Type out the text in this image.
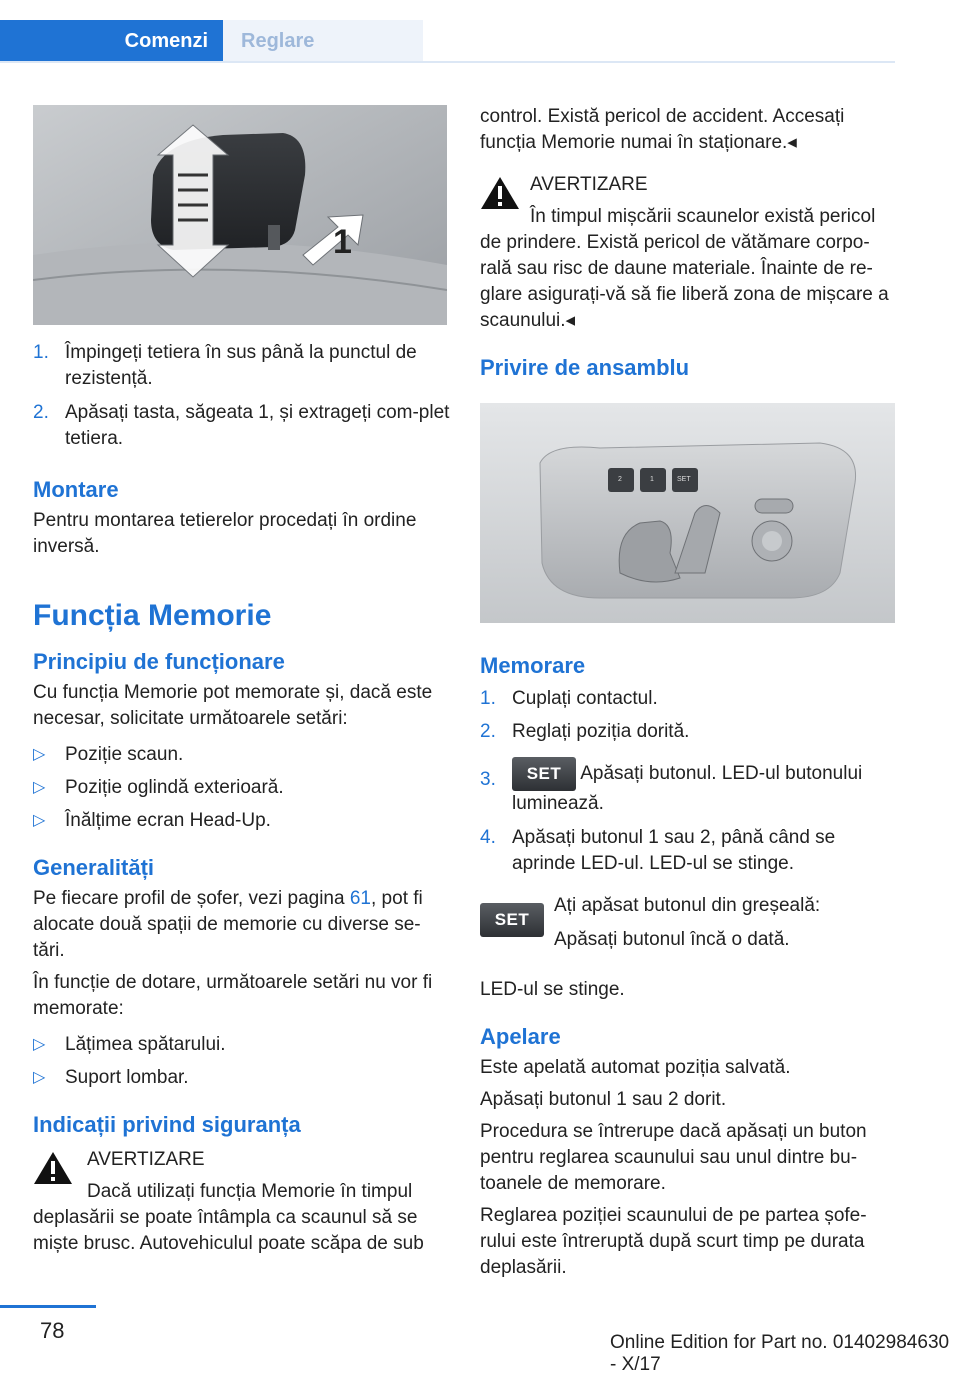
Comenzi	Reglare
1
1. Împingeți tetiera în sus până la punctul de rezistență.
2. Apăsați tasta, săgeata 1, și extrageți com‐plet tetiera.
Montare

Pentru montarea tetierelor procedați în ordine inversă.

Funcția Memorie
Principiu de funcționare

Cu funcția Memorie pot memorate și, dacă este necesar, solicitate următoarele setări:

▷ Poziție scaun.
▷ Poziție oglindă exterioară.
▷ Înălțime ecran Head-Up.
Generalități

Pe fiecare profil de șofer, vezi pagina 61, pot fi alocate două spații de memorie cu diverse se‐tări.

În funcție de dotare, următoarele setări nu vor fi memorate:

▷ Lățimea spătarului.
▷ Suport lombar.
Indicații privind siguranța
AVERTIZARE
Dacă utilizați funcția Memorie în timpul deplasării se poate întâmpla ca scaunul să se miște brusc. Autovehiculul poate scăpa de sub

control. Există pericol de accident. Accesați funcția Memorie numai în staționare.◂

AVERTIZARE
În timpul mișcării scaunelor există pericol de prindere. Există pericol de vătămare corpo‐rală sau risc de daune materiale. Înainte de re‐glare asigurați-vă să fie liberă zona de mișcare a scaunului.◂
Privire de ansamblu
2	1	SET
Memorare
1. Cuplați contactul.
2. Reglați poziția dorită.
3. SET Apăsați butonul. LED-ul butonului luminează.
4. Apăsați butonul 1 sau 2, până când se aprinde LED-ul. LED-ul se stinge.
SET
Ați apăsat butonul din greșeală:
Apăsați butonul încă o dată.

LED-ul se stinge.

Apelare

Este apelată automat poziția salvată.

Apăsați butonul 1 sau 2 dorit.

Procedura se întrerupe dacă apăsați un buton pentru reglarea scaunului sau unul dintre bu‐toanele de memorare.

Reglarea poziției scaunului de pe partea șofe‐rului este întreruptă după scurt timp pe durata deplasării.

78	Online Edition for Part no. 01402984630 - X/17
